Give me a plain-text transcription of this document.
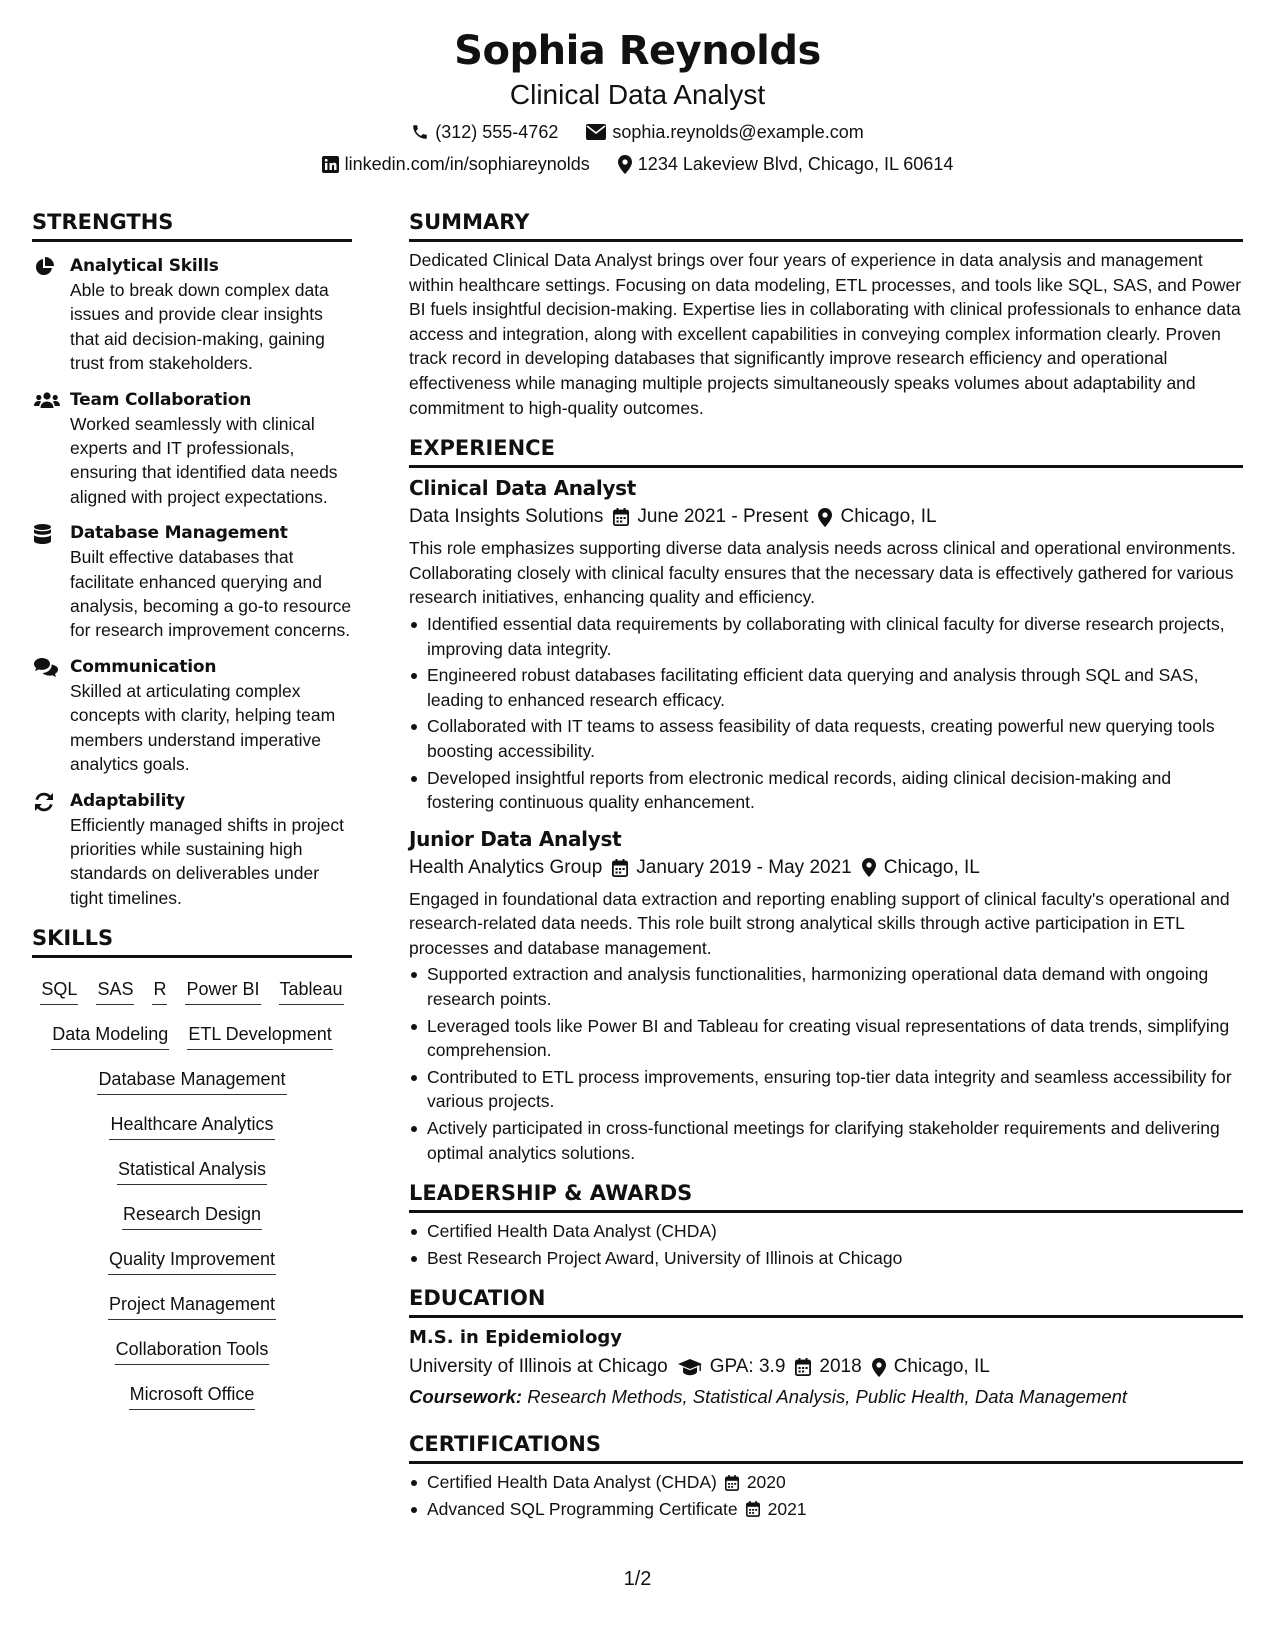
Sophia Reynolds
Clinical Data Analyst
(312) 555-4762	sophia.reynolds@example.com
linkedin.com/in/sophiareynolds	1234 Lakeview Blvd, Chicago, IL 60614
STRENGTHS
Analytical Skills
Able to break down complex data issues and provide clear insights that aid decision-making, gaining trust from stakeholders.
Team Collaboration
Worked seamlessly with clinical experts and IT professionals, ensuring that identified data needs aligned with project expectations.
Database Management
Built effective databases that facilitate enhanced querying and analysis, becoming a go-to resource for research improvement concerns.
Communication
Skilled at articulating complex concepts with clarity, helping team members understand imperative analytics goals.
Adaptability
Efficiently managed shifts in project priorities while sustaining high standards on deliverables under tight timelines.
SKILLS
SQL SAS R Power BI Tableau
Data Modeling ETL Development
Database Management
Healthcare Analytics
Statistical Analysis
Research Design
Quality Improvement
Project Management
Collaboration Tools
Microsoft Office
SUMMARY
Dedicated Clinical Data Analyst brings over four years of experience in data analysis and management within healthcare settings. Focusing on data modeling, ETL processes, and tools like SQL, SAS, and Power BI fuels insightful decision-making. Expertise lies in collaborating with clinical professionals to enhance data access and integration, along with excellent capabilities in conveying complex information clearly. Proven track record in developing databases that significantly improve research efficiency and operational effectiveness while managing multiple projects simultaneously speaks volumes about adaptability and commitment to high-quality outcomes.
EXPERIENCE
Clinical Data Analyst
Data Insights Solutions June 2021 - Present Chicago, IL
This role emphasizes supporting diverse data analysis needs across clinical and operational environments. Collaborating closely with clinical faculty ensures that the necessary data is effectively gathered for various research initiatives, enhancing quality and efficiency.
Identified essential data requirements by collaborating with clinical faculty for diverse research projects, improving data integrity.
Engineered robust databases facilitating efficient data querying and analysis through SQL and SAS, leading to enhanced research efficacy.
Collaborated with IT teams to assess feasibility of data requests, creating powerful new querying tools boosting accessibility.
Developed insightful reports from electronic medical records, aiding clinical decision-making and fostering continuous quality enhancement.
Junior Data Analyst
Health Analytics Group January 2019 - May 2021 Chicago, IL
Engaged in foundational data extraction and reporting enabling support of clinical faculty's operational and research-related data needs. This role built strong analytical skills through active participation in ETL processes and database management.
Supported extraction and analysis functionalities, harmonizing operational data demand with ongoing research points.
Leveraged tools like Power BI and Tableau for creating visual representations of data trends, simplifying comprehension.
Contributed to ETL process improvements, ensuring top-tier data integrity and seamless accessibility for various projects.
Actively participated in cross-functional meetings for clarifying stakeholder requirements and delivering optimal analytics solutions.
LEADERSHIP & AWARDS
Certified Health Data Analyst (CHDA)
Best Research Project Award, University of Illinois at Chicago
EDUCATION
M.S. in Epidemiology
University of Illinois at Chicago GPA: 3.9 2018 Chicago, IL
Coursework: Research Methods, Statistical Analysis, Public Health, Data Management
CERTIFICATIONS
Certified Health Data Analyst (CHDA) 2020
Advanced SQL Programming Certificate 2021
1/2
